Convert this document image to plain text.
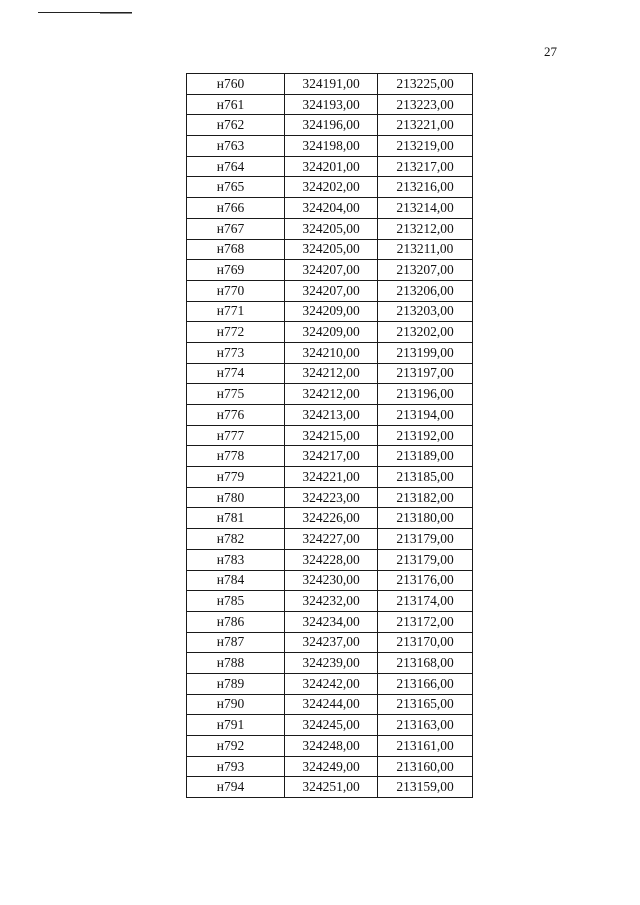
27
н760	324191,00	213225,00
н761	324193,00	213223,00
н762	324196,00	213221,00
н763	324198,00	213219,00
н764	324201,00	213217,00
н765	324202,00	213216,00
н766	324204,00	213214,00
н767	324205,00	213212,00
н768	324205,00	213211,00
н769	324207,00	213207,00
н770	324207,00	213206,00
н771	324209,00	213203,00
н772	324209,00	213202,00
н773	324210,00	213199,00
н774	324212,00	213197,00
н775	324212,00	213196,00
н776	324213,00	213194,00
н777	324215,00	213192,00
н778	324217,00	213189,00
н779	324221,00	213185,00
н780	324223,00	213182,00
н781	324226,00	213180,00
н782	324227,00	213179,00
н783	324228,00	213179,00
н784	324230,00	213176,00
н785	324232,00	213174,00
н786	324234,00	213172,00
н787	324237,00	213170,00
н788	324239,00	213168,00
н789	324242,00	213166,00
н790	324244,00	213165,00
н791	324245,00	213163,00
н792	324248,00	213161,00
н793	324249,00	213160,00
н794	324251,00	213159,00
